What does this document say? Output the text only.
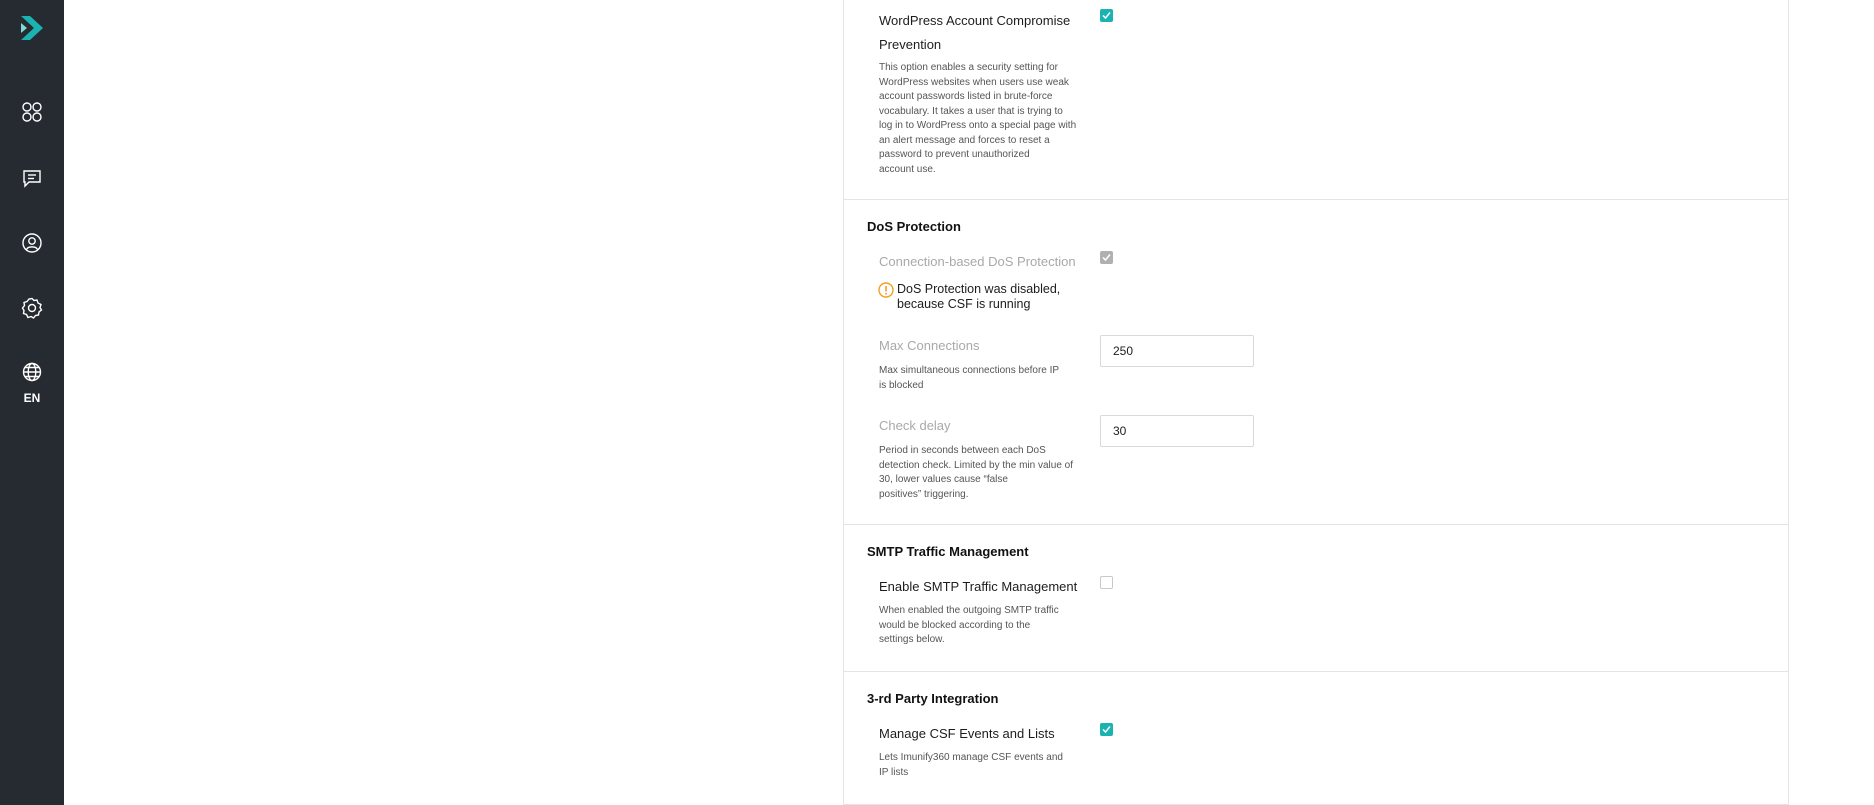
EN
WordPress Account Compromise
Prevention
This option enables a security setting for
WordPress websites when users use weak
account passwords listed in brute-force
vocabulary. It takes a user that is trying to
log in to WordPress onto a special page with
an alert message and forces to reset a
password to prevent unauthorized
account use.
DoS Protection
Connection-based DoS Protection
DoS Protection was disabled,
because CSF is running
Max Connections
Max simultaneous connections before IP
is blocked
250
Check delay
Period in seconds between each DoS
detection check. Limited by the min value of
30, lower values cause “false
positives” triggering.
30
SMTP Traffic Management
Enable SMTP Traffic Management
When enabled the outgoing SMTP traffic
would be blocked according to the
settings below.
3-rd Party Integration
Manage CSF Events and Lists
Lets Imunify360 manage CSF events and
IP lists
